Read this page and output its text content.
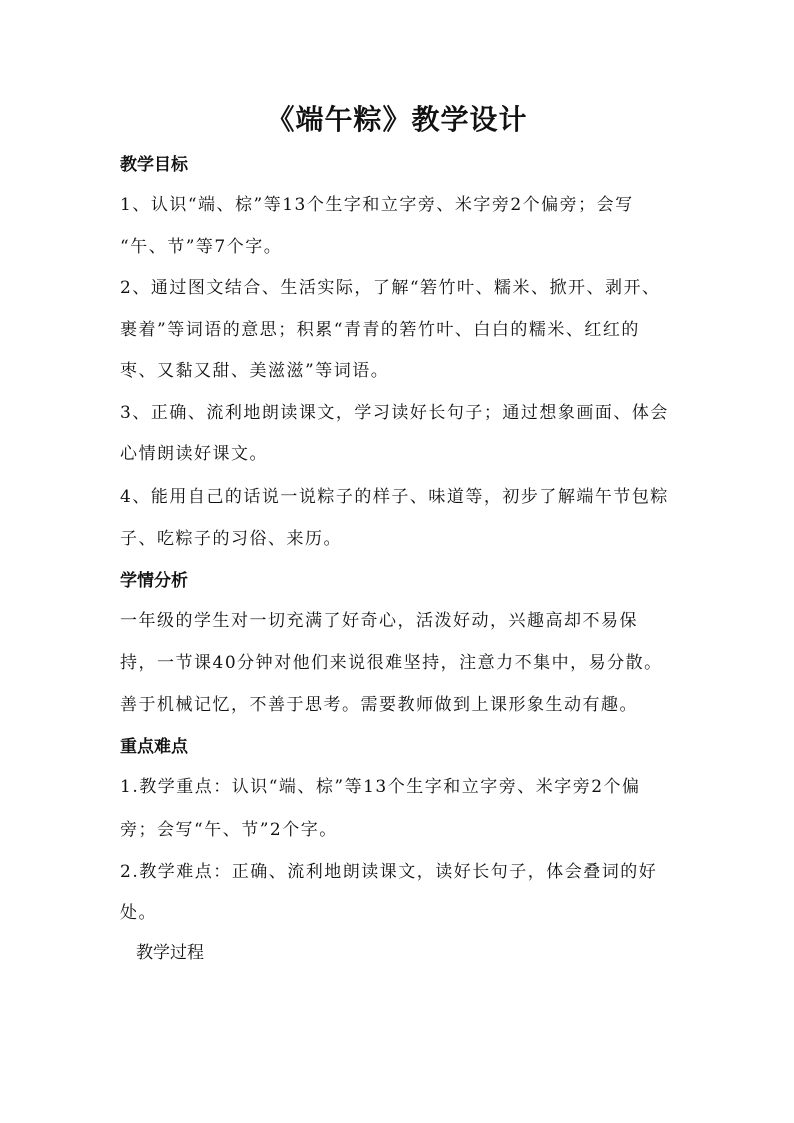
《端午粽》教学设计
教学目标
1、认识“端、棕”等13个生字和立字旁、米字旁2个偏旁；会写
“午、节”等7个字。
2、通过图文结合、生活实际，了解“箬竹叶、糯米、掀开、剥开、
裹着”等词语的意思；积累“青青的箬竹叶、白白的糯米、红红的
枣、又黏又甜、美滋滋”等词语。
3、正确、流利地朗读课文，学习读好长句子；通过想象画面、体会
心情朗读好课文。
4、能用自己的话说一说粽子的样子、味道等，初步了解端午节包粽
子、吃粽子的习俗、来历。
学情分析
一年级的学生对一切充满了好奇心，活泼好动，兴趣高却不易保
持，一节课40分钟对他们来说很难坚持，注意力不集中，易分散。
善于机械记忆，不善于思考。需要教师做到上课形象生动有趣。
重点难点
1.教学重点：认识“端、棕”等13个生字和立字旁、米字旁2个偏
旁；会写“午、节”2个字。
2.教学难点：正确、流利地朗读课文，读好长句子，体会叠词的好
处。
教学过程
